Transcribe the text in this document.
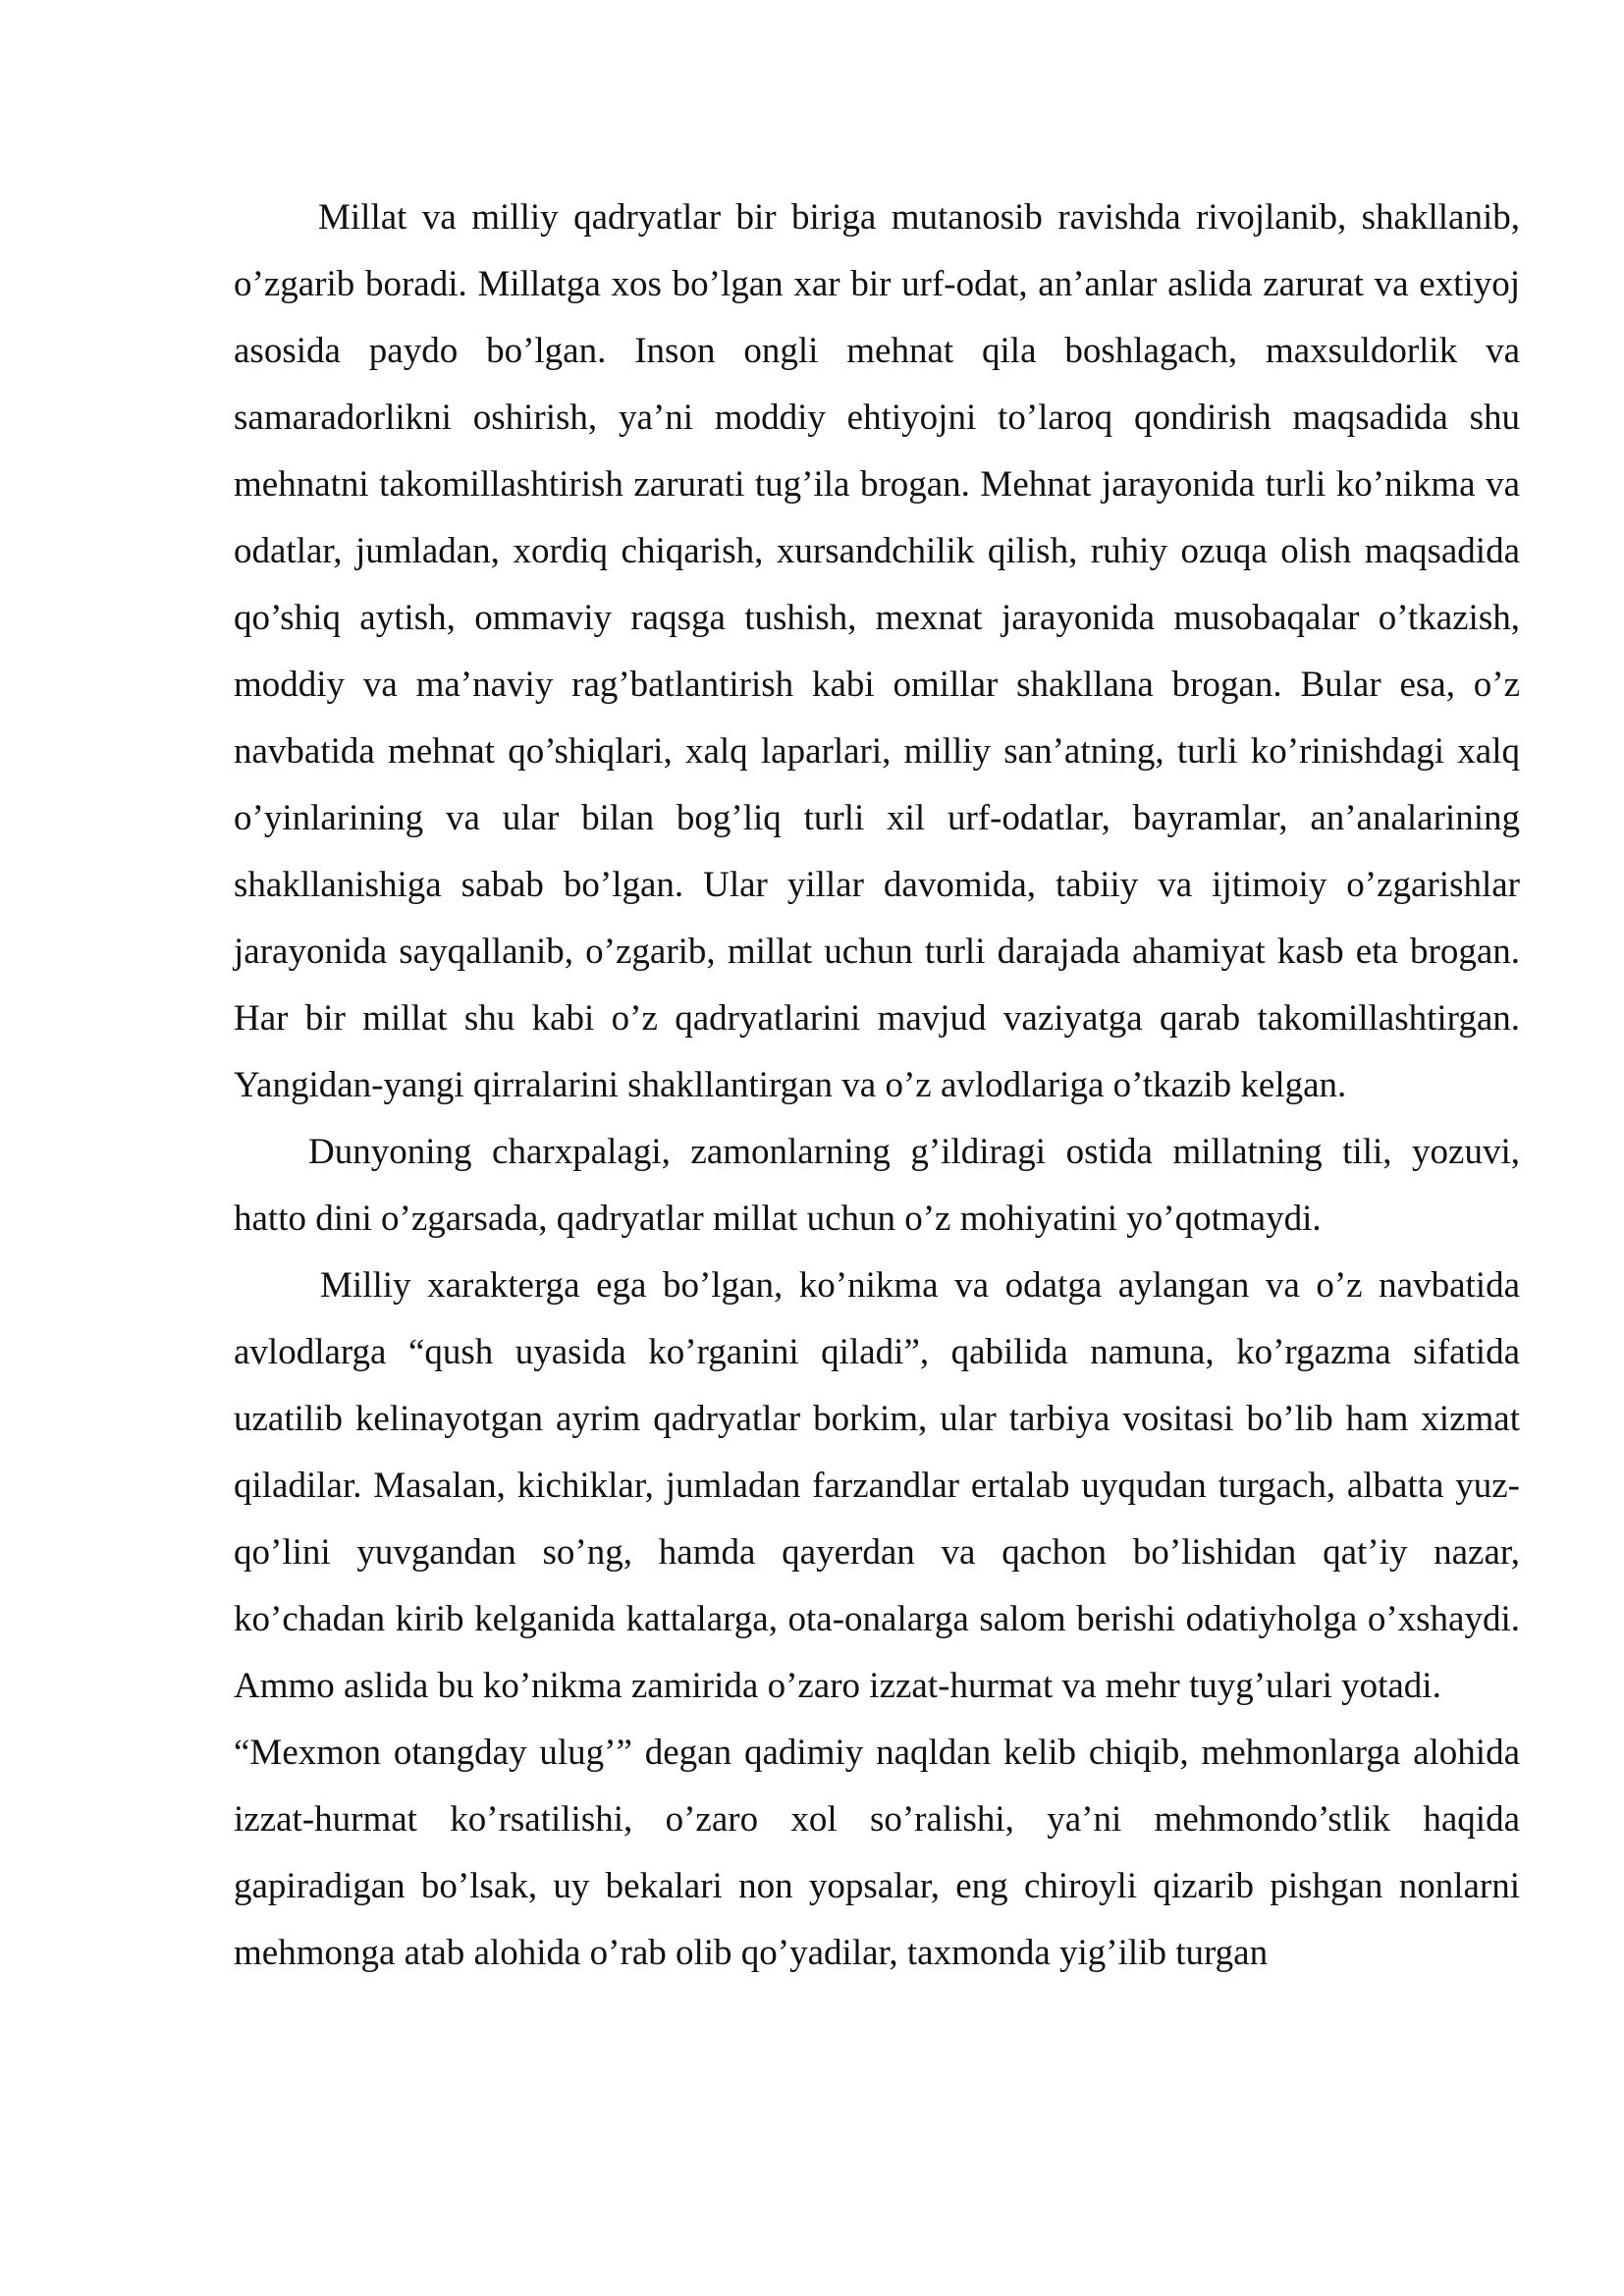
Millat va milliy qadryatlar bir biriga mutanosib ravishda rivojlanib, shakllanib, o’zgarib boradi. Millatga xos bo’lgan xar bir urf-odat, an’anlar aslida zarurat va extiyoj asosida paydo bo’lgan. Inson ongli mehnat qila boshlagach, maxsuldorlik va samaradorlikni oshirish, ya’ni moddiy ehtiyojni to’laroq qondirish maqsadida shu mehnatni takomillashtirish zarurati tug’ila brogan. Mehnat jarayonida turli ko’nikma va odatlar, jumladan, xordiq chiqarish, xursandchilik qilish, ruhiy ozuqa olish maqsadida qo’shiq aytish, ommaviy raqsga tushish, mexnat jarayonida musobaqalar o’tkazish, moddiy va ma’naviy rag’batlantirish kabi omillar shakllana brogan. Bular esa, o’z navbatida mehnat qo’shiqlari, xalq laparlari, milliy san’atning, turli ko’rinishdagi xalq o’yinlarining va ular bilan bog’liq turli xil urf-odatlar, bayramlar, an’analarining shakllanishiga sabab bo’lgan. Ular yillar davomida, tabiiy va ijtimoiy o’zgarishlar jarayonida sayqallanib, o’zgarib, millat uchun turli darajada ahamiyat kasb eta brogan. Har bir millat shu kabi o’z qadryatlarini mavjud vaziyatga qarab takomillashtirgan. Yangidan-yangi qirralarini shakllantirgan va o’z avlodlariga o’tkazib kelgan.

Dunyoning charxpalagi, zamonlarning g’ildiragi ostida millatning tili, yozuvi, hatto dini o’zgarsada, qadryatlar millat uchun o’z mohiyatini yo’qotmaydi.

Milliy xarakterga ega bo’lgan, ko’nikma va odatga aylangan va o’z navbatida avlodlarga “qush uyasida ko’rganini qiladi”, qabilida namuna, ko’rgazma sifatida uzatilib kelinayotgan ayrim qadryatlar borkim, ular tarbiya vositasi bo’lib ham xizmat qiladilar. Masalan, kichiklar, jumladan farzandlar ertalab uyqudan turgach, albatta yuz-qo’lini yuvgandan so’ng, hamda qayerdan va qachon bo’lishidan qat’iy nazar, ko’chadan kirib kelganida kattalarga, ota-onalarga salom berishi odatiyholga o’xshaydi. Ammo aslida bu ko’nikma zamirida o’zaro izzat-hurmat va mehr tuyg’ulari yotadi.

“Mexmon otangday ulug’” degan qadimiy naqldan kelib chiqib, mehmonlarga alohida izzat-hurmat ko’rsatilishi, o’zaro xol so’ralishi, ya’ni mehmondo’stlik haqida gapiradigan bo’lsak, uy bekalari non yopsalar, eng chiroyli qizarib pishgan nonlarni mehmonga atab alohida o’rab olib qo’yadilar, taxmonda yig’ilib turgan
